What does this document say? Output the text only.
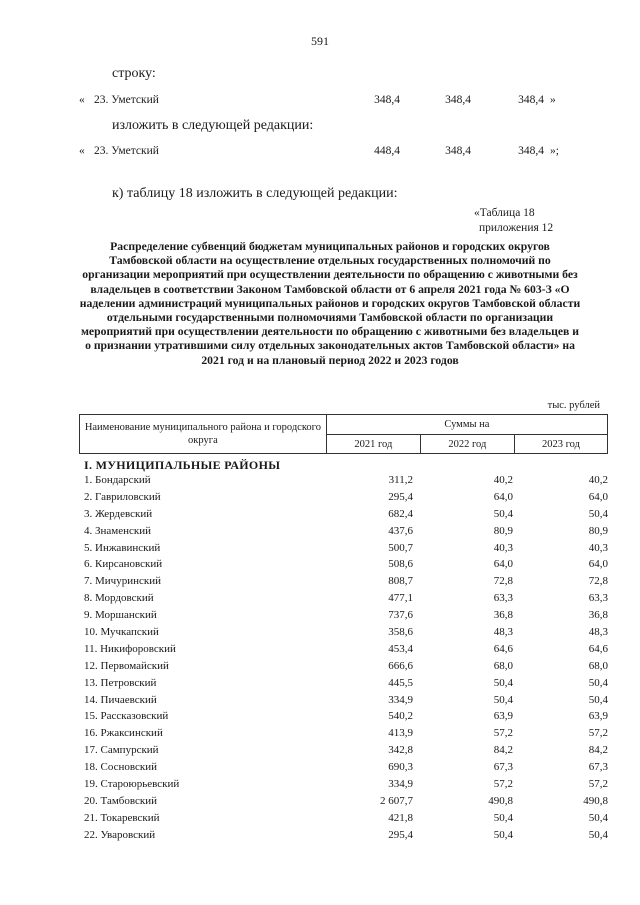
591
строку:
« 23. Уметский	348,4	348,4	348,4 »
изложить в следующей редакции:
« 23. Уметский	448,4	348,4	348,4 »;
к) таблицу 18 изложить в следующей редакции:
«Таблица 18
приложения 12
Распределение субвенций бюджетам муниципальных районов и городских округов Тамбовской области на осуществление отдельных государственных полномочий по организации мероприятий при осуществлении деятельности по обращению с животными без владельцев в соответствии Законом Тамбовской области от 6 апреля 2021 года № 603-З «О наделении администраций муниципальных районов и городских округов Тамбовской области отдельными государственными полномочиями Тамбовской области по организации мероприятий при осуществлении деятельности по обращению с животными без владельцев и о признании утратившими силу отдельных законодательных актов Тамбовской области» на 2021 год и на плановый период 2022 и 2023 годов
тыс. рублей
Наименование муниципального района и городского округа	Суммы на		
	2021 год	2022 год	2023 год
I. МУНИЦИПАЛЬНЫЕ РАЙОНЫ
1. Бондарский	311,2	40,2	40,2
2. Гавриловский	295,4	64,0	64,0
3. Жердевский	682,4	50,4	50,4
4. Знаменский	437,6	80,9	80,9
5. Инжавинский	500,7	40,3	40,3
6. Кирсановский	508,6	64,0	64,0
7. Мичуринский	808,7	72,8	72,8
8. Мордовский	477,1	63,3	63,3
9. Моршанский	737,6	36,8	36,8
10. Мучкапский	358,6	48,3	48,3
11. Никифоровский	453,4	64,6	64,6
12. Первомайский	666,6	68,0	68,0
13. Петровский	445,5	50,4	50,4
14. Пичаевский	334,9	50,4	50,4
15. Рассказовский	540,2	63,9	63,9
16. Ржаксинский	413,9	57,2	57,2
17. Сампурский	342,8	84,2	84,2
18. Сосновский	690,3	67,3	67,3
19. Староюрьевский	334,9	57,2	57,2
20. Тамбовский	2 607,7	490,8	490,8
21. Токаревский	421,8	50,4	50,4
22. Уваровский	295,4	50,4	50,4
